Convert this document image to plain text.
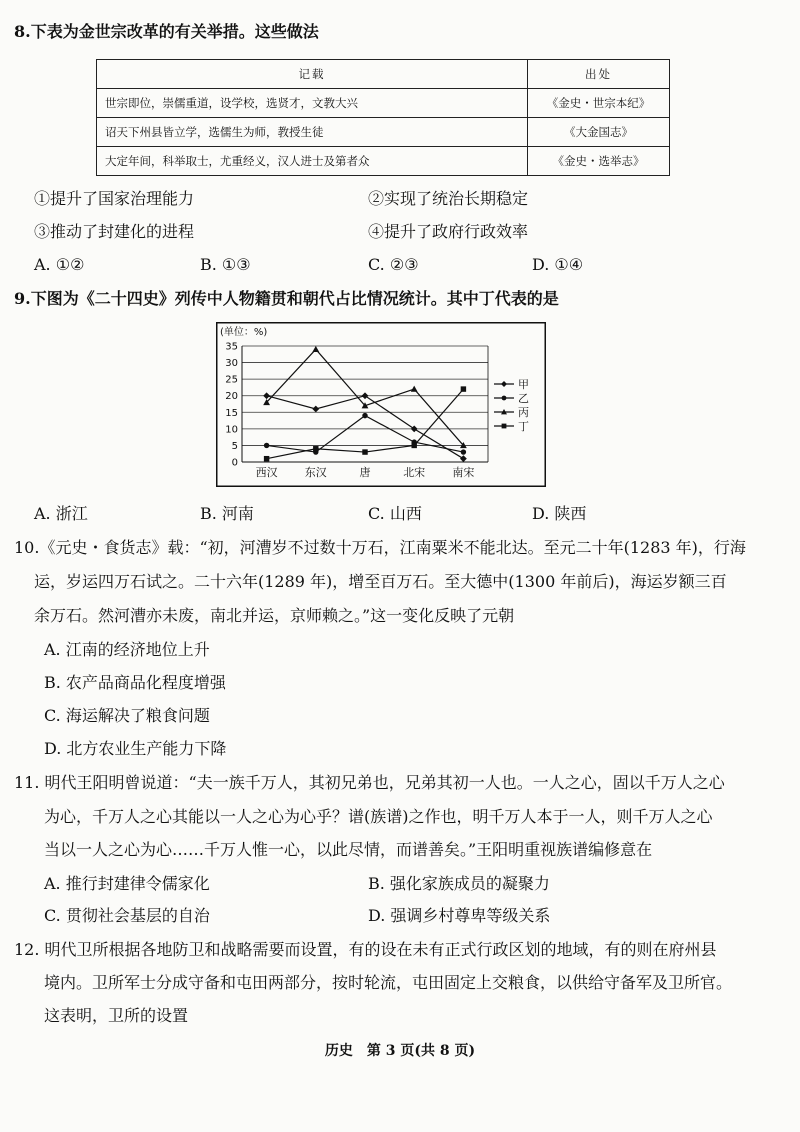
8.下表为金世宗改革的有关举措。这些做法
记载	出处
世宗即位，崇儒重道，设学校，选贤才，文教大兴	《金史・世宗本纪》
诏天下州县皆立学，选儒生为师，教授生徒	《大金国志》
大定年间，科举取士，尤重经义，汉人进士及第者众	《金史・选举志》
①提升了国家治理能力	②实现了统治长期稳定
③推动了封建化的进程	④提升了政府行政效率
A. ①②	B. ①③	C. ②③	D. ①④
9.下图为《二十四史》列传中人物籍贯和朝代占比情况统计。其中丁代表的是
(单位：%)
0
5
10
15
20
25
30
35
西汉 东汉	唐	北宋 南宋
甲
乙
丙
丁
A. 浙江	B. 河南	C. 山西	D. 陕西
10.《元史・食货志》载：“初，河漕岁不过数十万石，江南粟米不能北达。至元二十年(1283 年)，行海
运，岁运四万石试之。二十六年(1289 年)，增至百万石。至大德中(1300 年前后)，海运岁额三百
余万石。然河漕亦未废，南北并运，京师赖之。”这一变化反映了元朝
A. 江南的经济地位上升
B. 农产品商品化程度增强
C. 海运解决了粮食问题
D. 北方农业生产能力下降
11. 明代王阳明曾说道：“夫一族千万人，其初兄弟也，兄弟其初一人也。一人之心，固以千万人之心
为心，千万人之心其能以一人之心为心乎？谱(族谱)之作也，明千万人本于一人，则千万人之心
当以一人之心为心……千万人惟一心，以此尽情，而谱善矣。”王阳明重视族谱编修意在
A. 推行封建律令儒家化	B. 强化家族成员的凝聚力
C. 贯彻社会基层的自治	D. 强调乡村尊卑等级关系
12. 明代卫所根据各地防卫和战略需要而设置，有的设在未有正式行政区划的地域，有的则在府州县
境内。卫所军士分成守备和屯田两部分，按时轮流，屯田固定上交粮食，以供给守备军及卫所官。
这表明，卫所的设置
历史　第 3 页(共 8 页)
